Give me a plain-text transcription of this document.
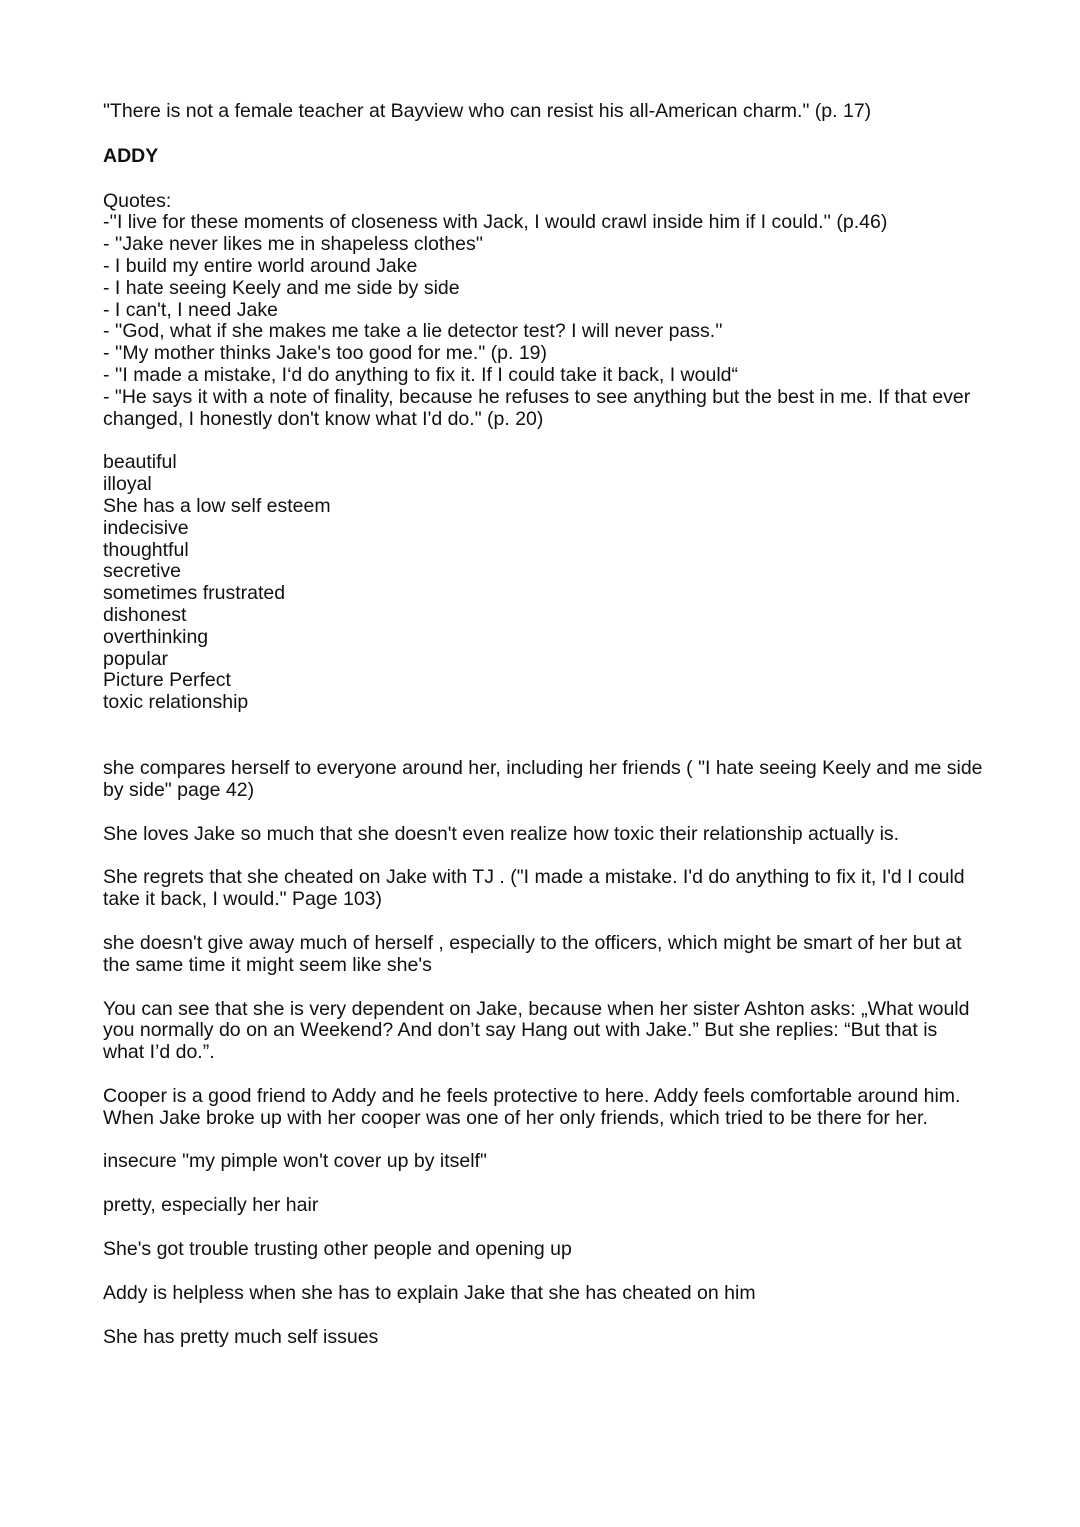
"There is not a female teacher at Bayview who can resist his all-American charm." (p. 17)

ADDY

Quotes:

-''I live for these moments of closeness with Jack, I would crawl inside him if I could.'' (p.46)

- ''Jake never likes me in shapeless clothes''

- I build my entire world around Jake

- I hate seeing Keely and me side by side

- I can't, I need Jake

- ''God, what if she makes me take a lie detector test? I will never pass.''

- ''My mother thinks Jake's too good for me." (p. 19)

- ''I made a mistake, I‘d do anything to fix it. If I could take it back, I would“

- "He says it with a note of finality, because he refuses to see anything but the best in me. If that ever changed, I honestly don't know what I'd do." (p. 20)

beautiful

illoyal

She has a low self esteem

indecisive

thoughtful

secretive

sometimes frustrated

dishonest

overthinking

popular

Picture Perfect

toxic relationship

she compares herself to everyone around her, including her friends ( "I hate seeing Keely and me side by side" page 42)

She loves Jake so much that she doesn't even realize how toxic their relationship actually is.

She regrets that she cheated on Jake with TJ . ("I made a mistake. I'd do anything to fix it, I'd I could take it back, I would." Page 103)

she doesn't give away much of herself , especially to the officers, which might be smart of her but at the same time it might seem like she's

You can see that she is very dependent on Jake, because when her sister Ashton asks: „What would you normally do on an Weekend? And don’t say Hang out with Jake.” But she replies: “But that is what I’d do.”.

Cooper is a good friend to Addy and he feels protective to here. Addy feels comfortable around him. When Jake broke up with her cooper was one of her only friends, which tried to be there for her.

insecure "my pimple won't cover up by itself"

pretty, especially her hair

She's got trouble trusting other people and opening up

Addy is helpless when she has to explain Jake that she has cheated on him

She has pretty much self issues
